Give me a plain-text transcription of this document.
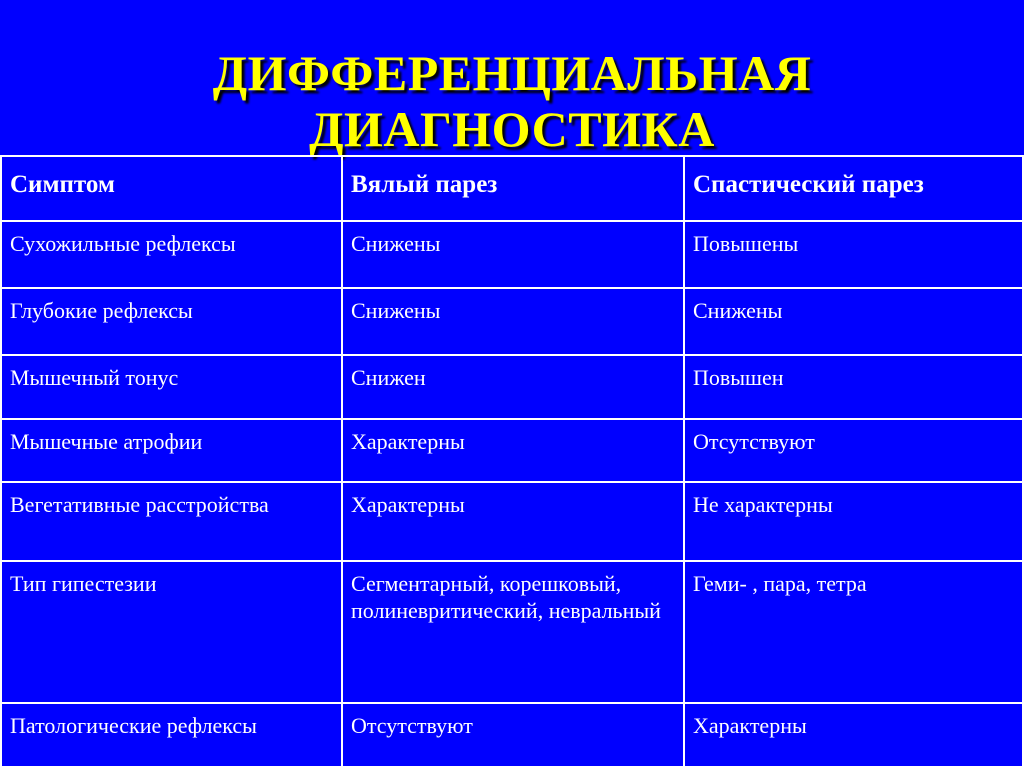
ДИФФЕРЕНЦИАЛЬНАЯ
ДИАГНОСТИКА
Симптом	Вялый парез	Спастический парез
Сухожильные рефлексы	Снижены	Повышены
Глубокие рефлексы	Снижены	Снижены
Мышечный тонус	Снижен	Повышен
Мышечные атрофии	Характерны	Отсутствуют
Вегетативные расстройства	Характерны	Не характерны
Тип гипестезии	Сегментарный, корешковый, полиневритический, невральный	Геми- , пара, тетра
Патологические рефлексы	Отсутствуют	Характерны
